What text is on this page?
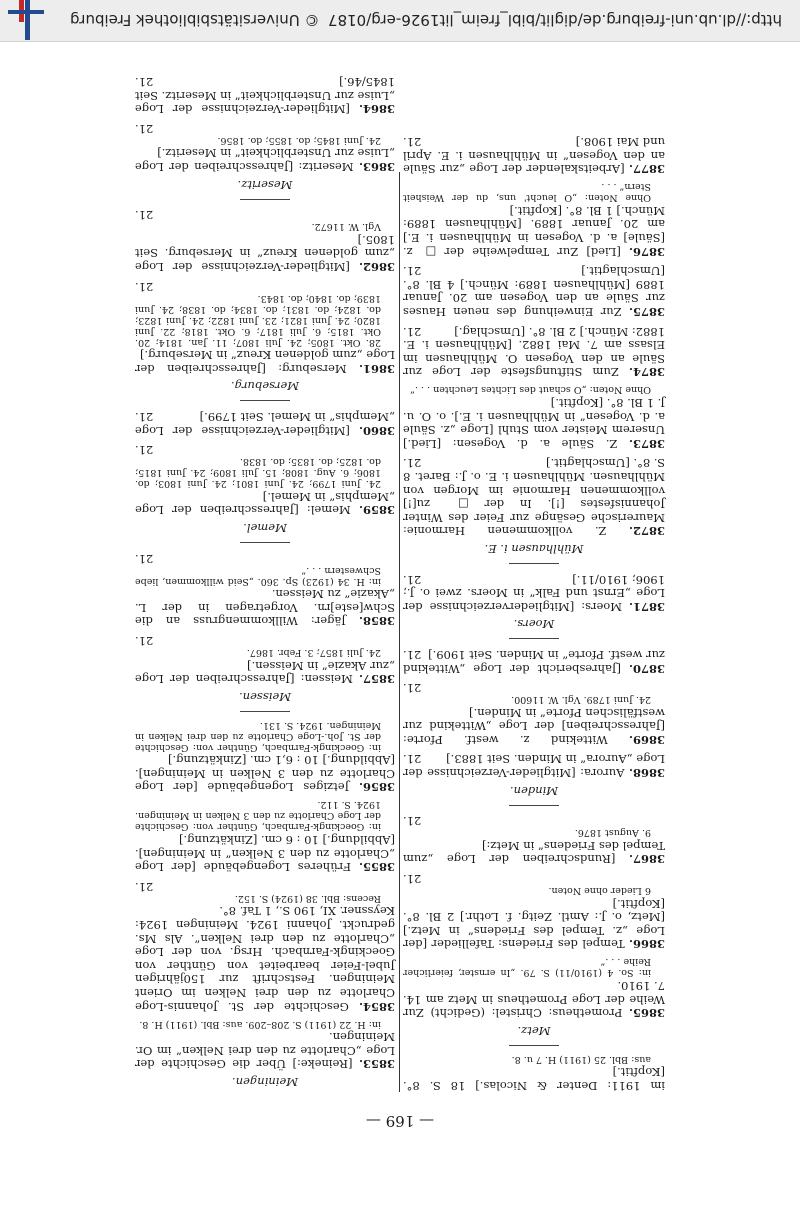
— 169 —
im 1911: Denter & Nicolas.] 18 S. 8°. [Kopftit.]
aus: Bbl. 25 (1911) H. 7 u. 8.
Metz.
3865. Prometheus: Christel: (Gedicht) Zur Weihe der Loge Prometheus in Metz am 14. 7. 1910.
in: So. 4 (1910/11) S. 79. „In ernster, feierlicher Reihe . . .“
3866. Tempel des Friedens: Tafellieder [der Loge „z. Tempel des Friedens“ in Metz.] [Metz, o. J.: Amtl. Zeitg. f. Lothr.] 2 Bl. 8°. [Kopftit.]
6 Lieder ohne Noten.
21.
3867. [Rundschreiben der Loge „zum Tempel des Friedens“ in Metz:]
9. August 1876.
21.
Minden.
3868. Aurora: [Mitglieder-Verzeichnisse der Loge „Aurora“ in Minden. Seit 1883.]
21.
3869. Wittekind z. westf. Pforte: [Jahresschreiben] der Loge „Wittekind zur westfälischen Pforte“ in Minden.]
24. Juni 1789. Vgl. W. 11600.
21.
3870. [Jahresbericht der Loge „Wittekind zur westf. Pforte“ in Minden. Seit 1909.]
21.
Moers.
3871. Moers: [Mitgliederverzeichnisse der Loge „Ernst und Falk“ in Moers. zwei o. J.; 1906; 1910/11.]
21.
Mühlhausen i. E.
3872. Z. vollkommenen Harmonie: Maurerische Gesänge zur Feier des Winter Johannisfestes [!]. In der □ zu[!] vollkommenen Harmonie im Morgen von Mühlhausen. Mühlhausen i. E. o. J.: Baret. 8 S. 8°. [Umschlagtit.]
21.
3873. Z. Säule a. d. Vogesen: [Lied.] Unserem Meister vom Stuhl [Loge „z. Säule a. d. Vogesen“ in Mühlhausen i. E.]. o. O. u. J. 1 Bl. 8°. [Kopftit.]
Ohne Noten: „O schaut des Lichtes Leuchten . . .“
3874. Zum Stiftungsfeste der Loge zur Säule an den Vogesen O. Mühlhausen im Elsass am 7. Mai 1882. [Mühlhausen i. E. 1882: Münch.] 2 Bl. 8°. [Umschlag.]
21.
3875. Zur Einweihung des neuen Hauses zur Säule an den Vogesen am 20. Januar 1889 [Mühlhausen 1889: Münch.] 4 Bl. 8°. [Umschlagtit.]
21.
3876. [Lied] Zur Tempelweihe der □ z. [Säule] a. d. Vogesen in Mühlhausen i. E.] am 20. Januar 1889. [Mühlhausen 1889: Münch.] 1 Bl. 8°. [Kopftit.]
Ohne Noten: „O leucht' uns, du der Weisheit Stern“ . . .
3877. [Arbeitskalender der Loge „zur Säule an den Vogesen“ in Mühlhausen i. E. April und Mai 1908.]
21.
Meiningen.
3853. [Reineke:] Über die Geschichte der Loge „Charlotte zu den drei Nelken“ im Or. Meiningen.
in: H. 22 (1911) S. 208–209. aus: Bbl. (1911) H. 8.
3854. Geschichte der St. Johannis-Loge Charlotte zu den drei Nelken im Orient Meiningen. Festschrift zur 150jährigen Jubel-Feier bearbeitet von Günther von Goeckingk-Farnbach. Hrsg. von der Loge „Charlotte zu den drei Nelken“. Als Ms. gedruckt. Johanni 1924. Meiningen 1924: Keyssner. XI, 190 S., 1 Taf. 8°.
Recens: Bbl. 38 (1924) S. 152.
21.
3855. Früheres Logengebäude [der Loge „Charlotte zu den 3 Nelken“ in Meiningen]. [Abbildung.] 10 : 6 cm. [Zinkätzung.]
in: Goeckingk-Farnbach, Günther von: Geschichte der Loge Charlotte zu den 3 Nelken in Meiningen. 1924. S. 112.
3856. Jetziges Logengebäude [der Loge Charlotte zu den 3 Nelken in Meiningen]. [Abbildung.] 10 : 6,1 cm. [Zinkätzung.]
in: Goeckingk-Farnbach, Günther von: Geschichte der St. Joh.-Loge Charlotte zu den drei Nelken in Meiningen. 1924. S. 131.
Meissen.
3857. Meissen: [Jahresschreiben der Loge „zur Akazie“ in Meissen.]
24. Juli 1857; 3. Febr. 1867.
21.
3858. Jäger: Willkommengruss an die Schw[este]rn. Vorgetragen in der L. „Akazie“ zu Meissen.
in: H. 34 (1923) Sp. 360. „Seid willkommen, liebe Schwestern . . .“
21.
Memel.
3859. Memel: [Jahresschreiben der Loge „Memphis“ in Memel.]
24. Juni 1799; 24. Juni 1801; 24. Juni 1803; do. 1806; 6. Aug. 1808; 15. Juli 1809; 24. Juni 1815; do. 1825; do. 1835; do. 1838.
21.
3860. [Mitglieder-Verzeichnisse der Loge „Memphis“ in Memel. Seit 1799.]
21.
Merseburg.
3861. Merseburg: [Jahresschreiben der Loge „zum goldenen Kreuz“ in Merseburg.]
28. Okt. 1805; 24. Juli 1807; 11. Jan. 1814; 20. Okt. 1815; 6. Juli 1817; 6. Okt. 1818; 22. Juni 1820; 24. Juni 1821; 23. Juni 1822; 24. Juni 1823; do. 1824; do. 1831; do. 1834; do. 1838; 24. Juni 1839; do. 1840; do. 1843.
21.
3862. [Mitglieder-Verzeichnisse der Loge „zum goldenen Kreuz“ in Merseburg. Seit 1805.]
Vgl. W. 11672.
21.
Meseritz.
3863. Meseritz: [Jahresschreiben der Loge „Luise zur Unsterblichkeit“ in Meseritz.]
24. Juni 1845; do. 1855; do. 1856.
21.
3864. [Mitglieder-Verzeichnisse der Loge „Luise zur Unsterblichkeit“ in Meseritz. Seit 1845/46.]
21.
http://dl.ub.uni-freiburg.de/diglit/bibl_freim_lit1926-erg/0187
© Universitätsbibliothek Freiburg
